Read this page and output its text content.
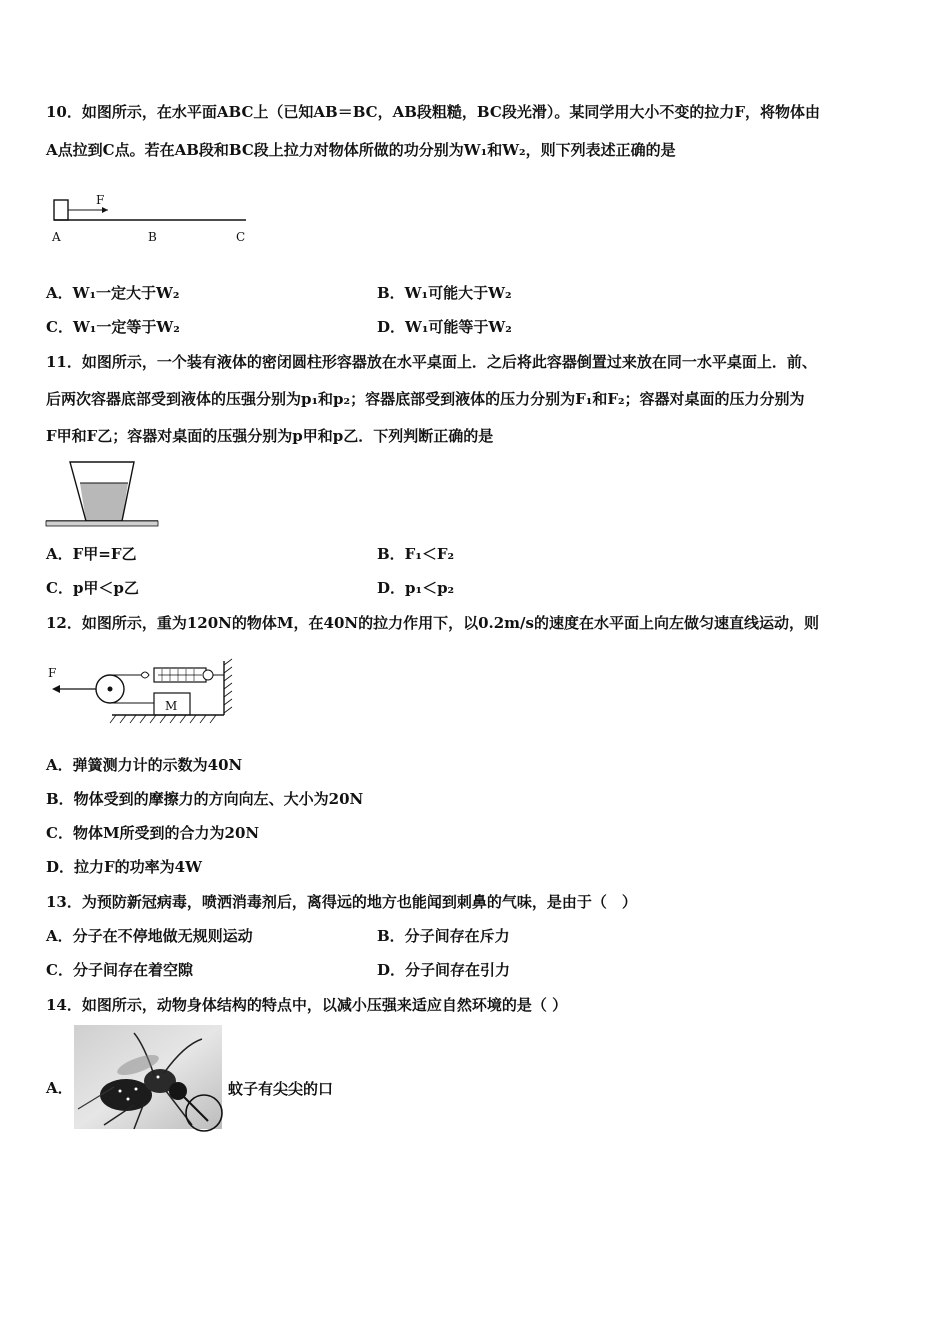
10．如图所示，在水平面ABC上（已知AB＝BC，AB段粗糙，BC段光滑）。某同学用大小不变的拉力F，将物体由
A点拉到C点。若在AB段和BC段上拉力对物体所做的功分别为W₁和W₂，则下列表述正确的是
F
A	B	C
A．W₁一定大于W₂	B．W₁可能大于W₂
C．W₁一定等于W₂	D．W₁可能等于W₂
11．如图所示，一个装有液体的密闭圆柱形容器放在水平桌面上．之后将此容器倒置过来放在同一水平桌面上．前、
后两次容器底部受到液体的压强分别为p₁和p₂；容器底部受到液体的压力分别为F₁和F₂；容器对桌面的压力分别为
F甲和F乙；容器对桌面的压强分别为p甲和p乙．下列判断正确的是
A．F甲=F乙	B．F₁＜F₂
C．p甲＜p乙	D．p₁＜p₂
12．如图所示，重为120N的物体M，在40N的拉力作用下，以0.2m/s的速度在水平面上向左做匀速直线运动，则
F
M
A．弹簧测力计的示数为40N
B．物体受到的摩擦力的方向向左、大小为20N
C．物体M所受到的合力为20N
D．拉力F的功率为4W
13．为预防新冠病毒，喷洒消毒剂后，离得远的地方也能闻到刺鼻的气味，是由于（　）
A．分子在不停地做无规则运动	B．分子间存在斥力
C．分子间存在着空隙	D．分子间存在引力
14．如图所示，动物身体结构的特点中，以减小压强来适应自然环境的是（ ）
A．	蚊子有尖尖的口
